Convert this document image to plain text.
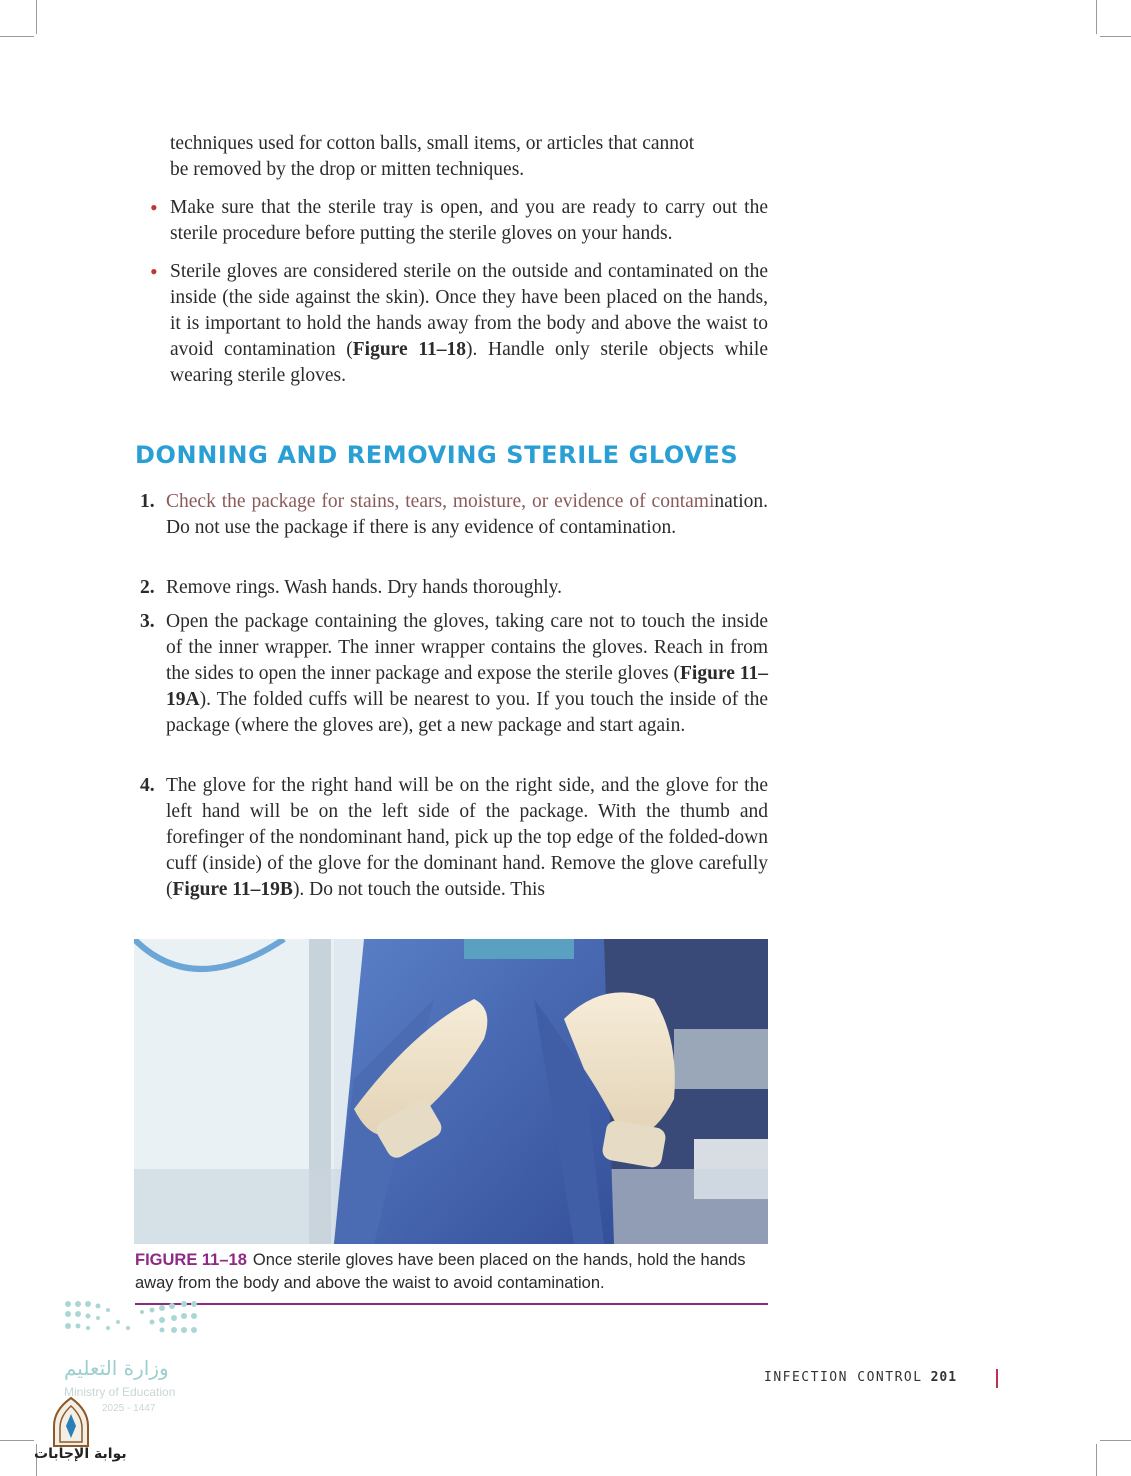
techniques used for cotton balls, small items, or articles that cannot
be removed by the drop or mitten techniques.
• Make sure that the sterile tray is open, and you are ready to carry out the sterile procedure before putting the sterile gloves on your hands.
• Sterile gloves are considered sterile on the outside and contaminated on the inside (the side against the skin). Once they have been placed on the hands, it is important to hold the hands away from the body and above the waist to avoid contamination (Figure 11–18). Handle only sterile objects while wearing sterile gloves.
DONNING AND REMOVING STERILE GLOVES
1. Check the package for stains, tears, moisture, or evidence of contamination. Do not use the package if there is any evidence of contamination.
2. Remove rings. Wash hands. Dry hands thoroughly.
3. Open the package containing the gloves, taking care not to touch the inside of the inner wrapper. The inner wrapper contains the gloves. Reach in from the sides to open the inner package and expose the sterile gloves (Figure 11–19A). The folded cuffs will be nearest to you. If you touch the inside of the package (where the gloves are), get a new package and start again.
4. The glove for the right hand will be on the right side, and the glove for the left hand will be on the left side of the package. With the thumb and forefinger of the nondominant hand, pick up the top edge of the folded-down cuff (inside) of the glove for the dominant hand. Remove the glove carefully (Figure 11–19B). Do not touch the outside. This
FIGURE 11–18 Once sterile gloves have been placed on the hands, hold the hands away from the body and above the waist to avoid contamination.
وزارة التعليم
Ministry of Education
2025 - 1447
بوابة الإجابات
INFECTION CONTROL 201
